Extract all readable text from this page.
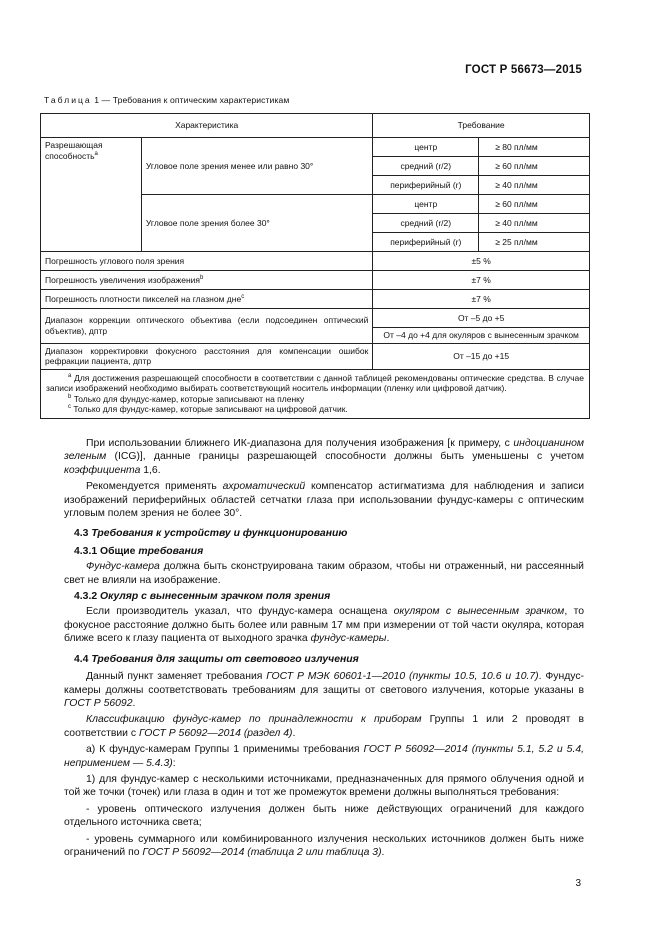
ГОСТ Р 56673—2015
Таблица 1 — Требования к оптическим характеристикам
Характеристика		Требование	
Разрешающая способность$^a$	Угловое поле зрения менее или равно 30°	центр	≥ 80 пл/мм
		средний (r/2)	≥ 60 пл/мм
		периферийный (r)	≥ 40 пл/мм
	Угловое поле зрения более 30°	центр	≥ 60 пл/мм
		средний (r/2)	≥ 40 пл/мм
		периферийный (r)	≥ 25 пл/мм
Погрешность углового поля зрения		±5 %	
Погрешность увеличения изображения$^b$		±7 %	
Погрешность плотности пикселей на глазном дне$^c$		±7 %	
Диапазон коррекции оптического объектива (если подсоединен оптический объектив), дптр		От –5 до +5	
		От –4 до +4 для окуляров с вынесенным зрачком	
Диапазон корректировки фокусного расстояния для компенсации ошибок рефракции пациента, дптр		От –15 до +15	

$^a$ Для достижения разрешающей способности в соответствии с данной таблицей рекомендованы оптические средства. В случае записи изображений необходимо выбирать соответствующий носитель информации (пленку или цифровой датчик).

$^b$ Только для фундус-камер, которые записывают на пленку

$^c$ Только для фундус-камер, которые записывают на цифровой датчик.			

При использовании ближнего ИК-диапазона для получения изображения [к примеру, с индоцианином зеленым (ICG)], данные границы разрешающей способности должны быть уменьшены с учетом коэффициента 1,6.

Рекомендуется применять ахроматический компенсатор астигматизма для наблюдения и записи изображений периферийных областей сетчатки глаза при использовании фундус-камеры с оптическим угловым полем зрения не более 30°.

4.3 Требования к устройству и функционированию
4.3.1 Общие требования

Фундус-камера должна быть сконструирована таким образом, чтобы ни отраженный, ни рассеянный свет не влияли на изображение.

4.3.2 Окуляр с вынесенным зрачком поля зрения

Если производитель указал, что фундус-камера оснащена окуляром с вынесенным зрачком, то фокусное расстояние должно быть более или равным 17 мм при измерении от той части окуляра, которая ближе всего к глазу пациента от выходного зрачка фундус-камеры.

4.4 Требования для защиты от светового излучения

Данный пункт заменяет требования ГОСТ Р МЭК 60601-1—2010 (пункты 10.5, 10.6 и 10.7). Фундус-камеры должны соответствовать требованиям для защиты от светового излучения, которые указаны в ГОСТ Р 56092.

Классификацию фундус-камер по принадлежности к приборам Группы 1 или 2 проводят в соответствии с ГОСТ Р 56092—2014 (раздел 4).

а) К фундус-камерам Группы 1 применимы требования ГОСТ Р 56092—2014 (пункты 5.1, 5.2 и 5.4, непримением — 5.4.3):

1) для фундус-камер с несколькими источниками, предназначенных для прямого облучения одной и той же точки (точек) или глаза в один и тот же промежуток времени должны выполняться требования:

- уровень оптического излучения должен быть ниже действующих ограничений для каждого отдельного источника света;

- уровень суммарного или комбинированного излучения нескольких источников должен быть ниже ограничений по ГОСТ Р 56092—2014 (таблица 2 или таблица 3).

3
